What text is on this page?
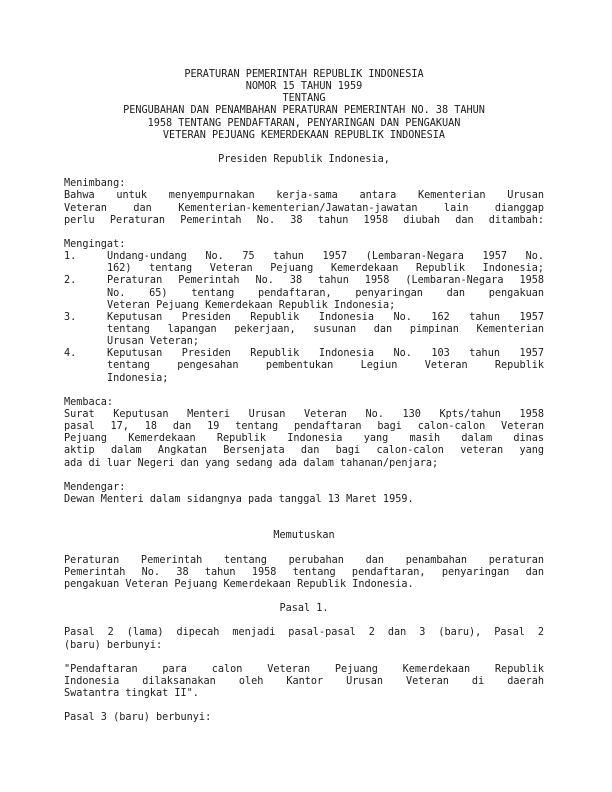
PERATURAN PEMERINTAH REPUBLIK INDONESIA
NOMOR 15 TAHUN 1959
TENTANG
PENGUBAHAN DAN PENAMBAHAN PERATURAN PEMERINTAH NO. 38 TAHUN
1958 TENTANG PENDAFTARAN, PENYARINGAN DAN PENGAKUAN
VETERAN PEJUANG KEMERDEKAAN REPUBLIK INDONESIA
Presiden Republik Indonesia,
Menimbang:
Bahwa untuk menyempurnakan kerja-sama antara Kementerian Urusan
Veteran dan Kementerian-kementerian/Jawatan-jawatan lain dianggap
perlu Peraturan Pemerintah No. 38 tahun 1958 diubah dan ditambah:
Mengingat:
1.	Undang-undang No. 75 tahun 1957 (Lembaran-Negara 1957 No.
162) tentang Veteran Pejuang Kemerdekaan Republik Indonesia;
2.	Peraturan Pemerintah No. 38 tahun 1958 (Lembaran-Negara 1958
No. 65) tentang pendaftaran, penyaringan dan pengakuan
Veteran Pejuang Kemerdekaan Republik Indonesia;
3.	Keputusan Presiden Republik Indonesia No. 162 tahun 1957
tentang lapangan pekerjaan, susunan dan pimpinan Kementerian
Urusan Veteran;
4.	Keputusan Presiden Republik Indonesia No. 103 tahun 1957
tentang pengesahan pembentukan Legiun Veteran Republik
Indonesia;
Membaca:
Surat Keputusan Menteri Urusan Veteran No. 130 Kpts/tahun 1958
pasal 17, 18 dan 19 tentang pendaftaran bagi calon-calon Veteran
Pejuang Kemerdekaan Republik Indonesia yang masih dalam dinas
aktip dalam Angkatan Bersenjata dan bagi calon-calon veteran yang
ada di luar Negeri dan yang sedang ada dalam tahanan/penjara;
Mendengar:
Dewan Menteri dalam sidangnya pada tanggal 13 Maret 1959.
Memutuskan
Peraturan Pemerintah tentang perubahan dan penambahan peraturan
Pemerintah No. 38 tahun 1958 tentang pendaftaran, penyaringan dan
pengakuan Veteran Pejuang Kemerdekaan Republik Indonesia.
Pasal 1.
Pasal 2 (lama) dipecah menjadi pasal-pasal 2 dan 3 (baru), Pasal 2
(baru) berbunyi:
"Pendaftaran para calon Veteran Pejuang Kemerdekaan Republik
Indonesia dilaksanakan oleh Kantor Urusan Veteran di daerah
Swatantra tingkat II".
Pasal 3 (baru) berbunyi:
